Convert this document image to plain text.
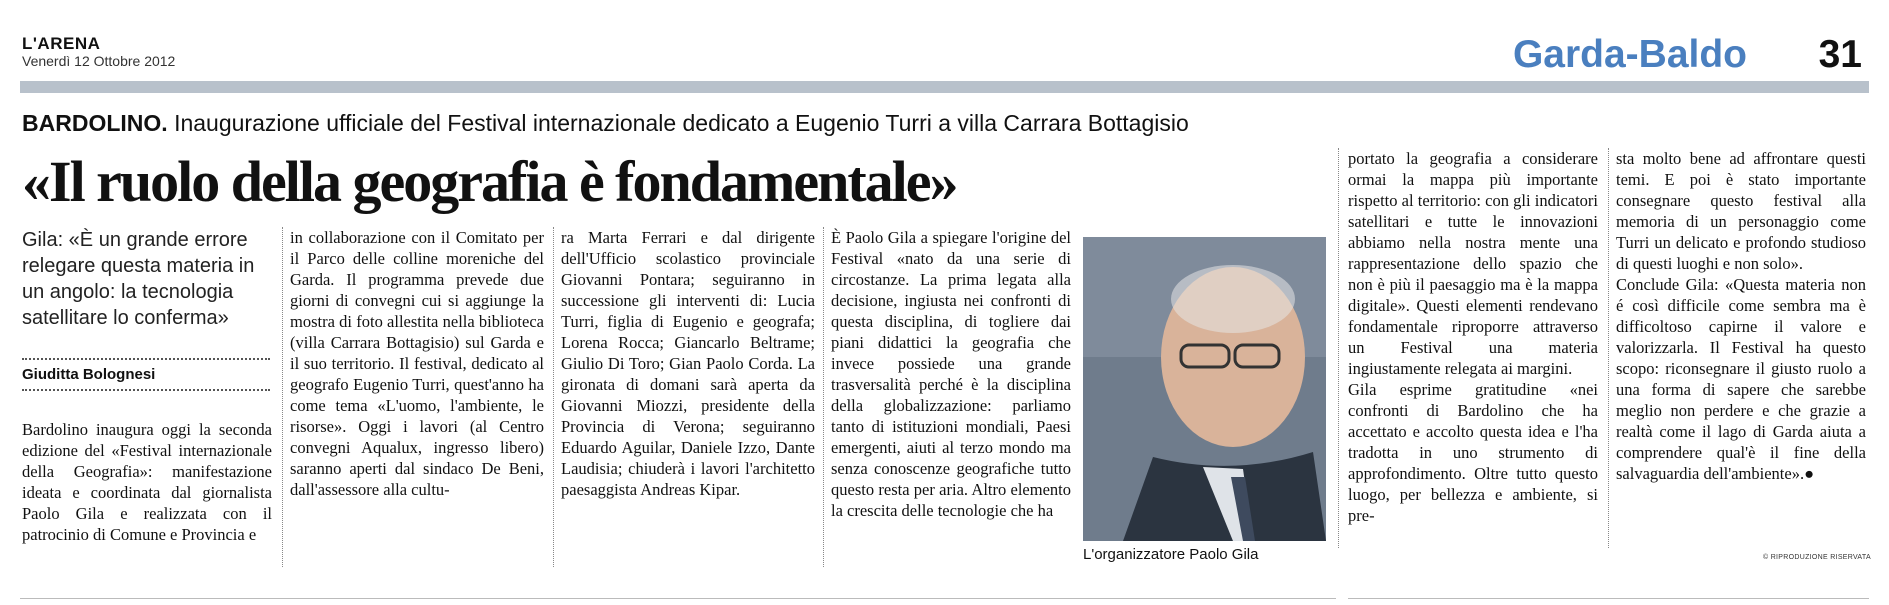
L'ARENA
Venerdì 12 Ottobre 2012	Garda-Baldo 31
BARDOLINO. Inaugurazione ufficiale del Festival internazionale dedicato a Eugenio Turri a villa Carrara Bottagisio
«Il ruolo della geografia è fondamentale»
Gila: «È un grande errore relegare questa materia in un angolo: la tecnologia satellitare lo conferma»
Giuditta Bolognesi
Bardolino inaugura oggi la seconda edizione del «Festival internazionale della Geografia»: manifestazione ideata e coordinata dal giornalista Paolo Gila e realizzata con il patrocinio di Comune e Provincia e
in collaborazione con il Comitato per il Parco delle colline moreniche del Garda. Il programma prevede due giorni di convegni cui si aggiunge la mostra di foto allestita nella biblioteca (villa Carrara Bottagisio) sul Garda e il suo territorio. Il festival, dedicato al geografo Eugenio Turri, quest'anno ha come tema «L'uomo, l'ambiente, le risorse». Oggi i lavori (al Centro convegni Aqualux, ingresso libero) saranno aperti dal sindaco De Beni, dall'assessore alla cultu-
ra Marta Ferrari e dal dirigente dell'Ufficio scolastico provinciale Giovanni Pontara; seguiranno in successione gli interventi di: Lucia Turri, figlia di Eugenio e geografa; Lorena Rocca; Giancarlo Beltrame; Giulio Di Toro; Gian Paolo Corda. La gironata di domani sarà aperta da Giovanni Miozzi, presidente della Provincia di Verona; seguiranno Eduardo Aguilar, Daniele Izzo, Dante Laudisia; chiuderà i lavori l'architetto paesaggista Andreas Kipar.
È Paolo Gila a spiegare l'origine del Festival «nato da una serie di circostanze. La prima legata alla decisione, ingiusta nei confronti di questa disciplina, di togliere dai piani didattici la geografia che invece possiede una grande trasversalità perché è la disciplina della globalizzazione: parliamo tanto di istituzioni mondiali, Paesi emergenti, aiuti al terzo mondo ma senza conoscenze geografiche tutto questo resta per aria. Altro elemento la crescita delle tecnologie che ha
L'organizzatore Paolo Gila
portato la geografia a considerare ormai la mappa più importante rispetto al territorio: con gli indicatori satellitari e tutte le innovazioni abbiamo nella nostra mente una rappresentazione dello spazio che non è più il paesaggio ma è la mappa digitale». Questi elementi rendevano fondamentale riproporre attraverso un Festival una materia ingiustamente relegata ai margini.
Gila esprime gratitudine «nei confronti di Bardolino che ha accettato e accolto questa idea e l'ha tradotta in uno strumento di approfondimento. Oltre tutto questo luogo, per bellezza e ambiente, si pre-
sta molto bene ad affrontare questi temi. E poi è stato importante consegnare questo festival alla memoria di un personaggio come Turri un delicato e profondo studioso di questi luoghi e non solo».
Conclude Gila: «Questa materia non é così difficile come sembra ma è difficoltoso capirne il valore e valorizzarla. Il Festival ha questo scopo: riconsegnare il giusto ruolo a una forma di sapere che sarebbe meglio non perdere e che grazie a realtà come il lago di Garda aiuta a comprendere qual'è il fine della salvaguardia dell'ambiente».●
© RIPRODUZIONE RISERVATA
